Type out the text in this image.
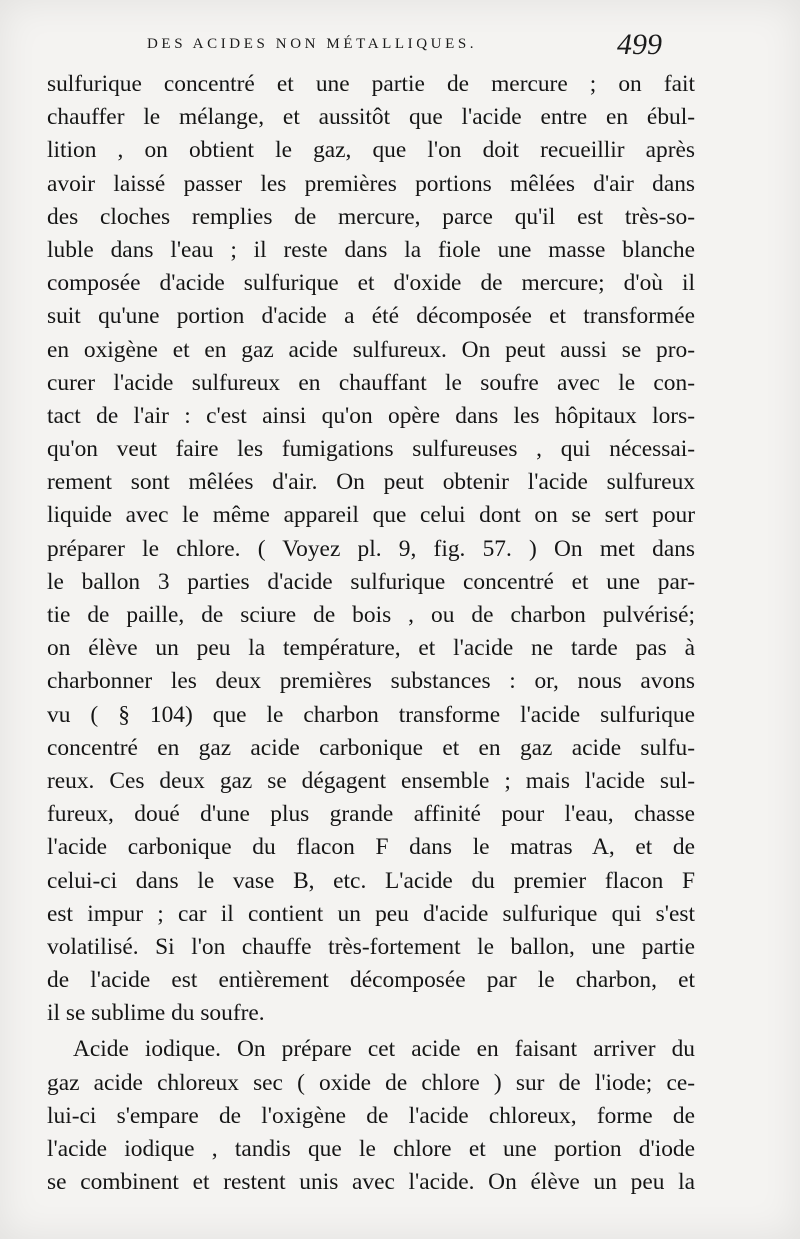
DES ACIDES NON MÉTALLIQUES.	499
sulfurique concentré et une partie de mercure ; on fait
chauffer le mélange, et aussitôt que l'acide entre en ébul-
lition , on obtient le gaz, que l'on doit recueillir après
avoir laissé passer les premières portions mêlées d'air dans
des cloches remplies de mercure, parce qu'il est très-so-
luble dans l'eau ; il reste dans la fiole une masse blanche
composée d'acide sulfurique et d'oxide de mercure; d'où il
suit qu'une portion d'acide a été décomposée et transformée
en oxigène et en gaz acide sulfureux. On peut aussi se pro-
curer l'acide sulfureux en chauffant le soufre avec le con-
tact de l'air : c'est ainsi qu'on opère dans les hôpitaux lors-
qu'on veut faire les fumigations sulfureuses , qui nécessai-
rement sont mêlées d'air. On peut obtenir l'acide sulfureux
liquide avec le même appareil que celui dont on se sert pour
préparer le chlore. ( Voyez pl. 9, fig. 57. ) On met dans
le ballon 3 parties d'acide sulfurique concentré et une par-
tie de paille, de sciure de bois , ou de charbon pulvérisé;
on élève un peu la température, et l'acide ne tarde pas à
charbonner les deux premières substances : or, nous avons
vu ( § 104) que le charbon transforme l'acide sulfurique
concentré en gaz acide carbonique et en gaz acide sulfu-
reux. Ces deux gaz se dégagent ensemble ; mais l'acide sul-
fureux, doué d'une plus grande affinité pour l'eau, chasse
l'acide carbonique du flacon F dans le matras A, et de
celui-ci dans le vase B, etc. L'acide du premier flacon F
est impur ; car il contient un peu d'acide sulfurique qui s'est
volatilisé. Si l'on chauffe très-fortement le ballon, une partie
de l'acide est entièrement décomposée par le charbon, et
il se sublime du soufre.
Acide iodique. On prépare cet acide en faisant arriver du
gaz acide chloreux sec ( oxide de chlore ) sur de l'iode; ce-
lui-ci s'empare de l'oxigène de l'acide chloreux, forme de
l'acide iodique , tandis que le chlore et une portion d'iode
se combinent et restent unis avec l'acide. On élève un peu la
